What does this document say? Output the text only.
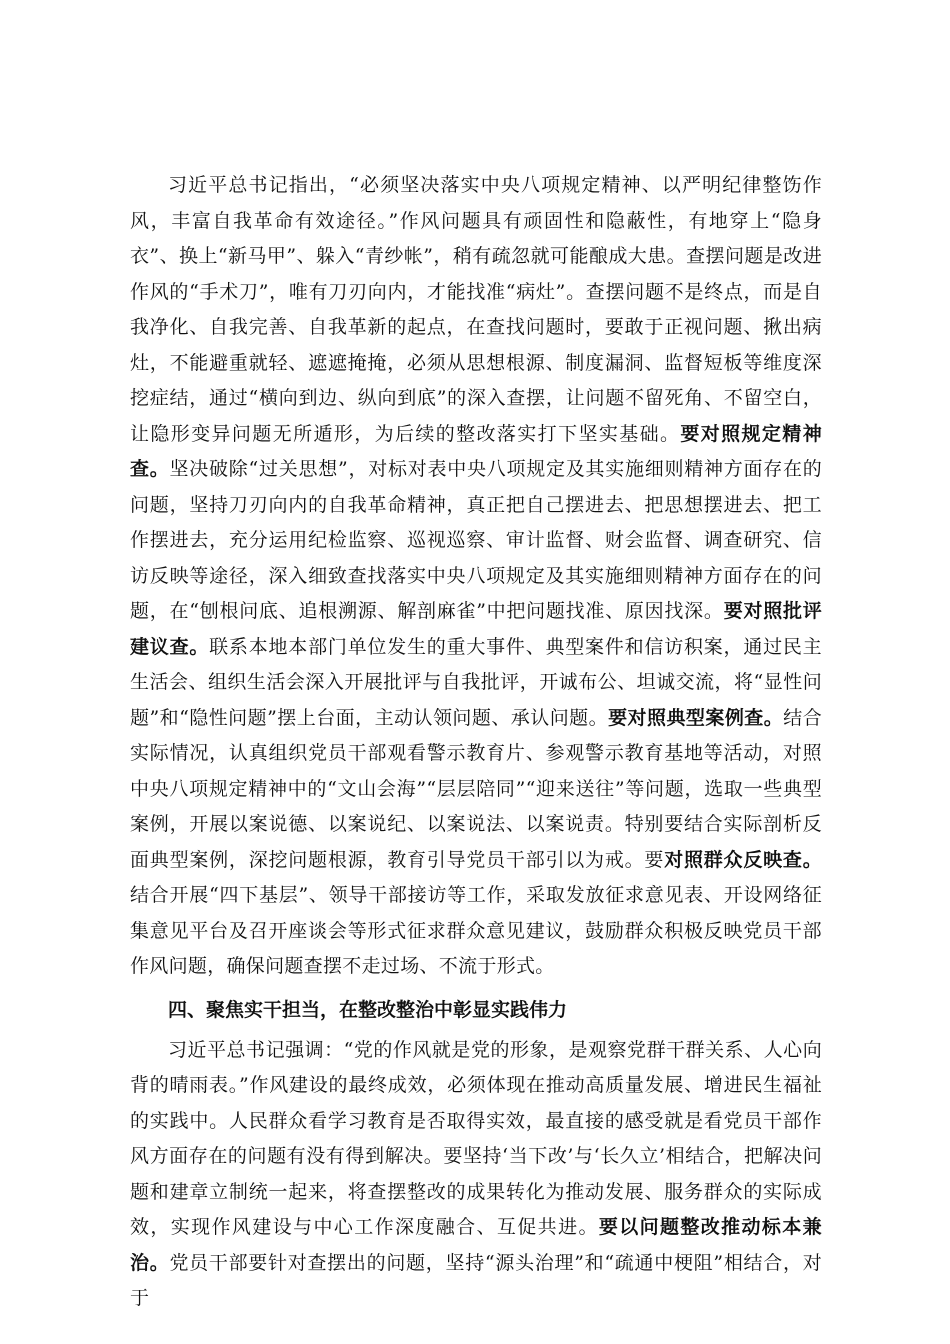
习近平总书记指出，“必须坚决落实中央八项规定精神、以严明纪律整饬作风，丰富自我革命有效途径。”作风问题具有顽固性和隐蔽性，有地穿上“隐身衣”、换上“新马甲”、躲入“青纱帐”，稍有疏忽就可能酿成大患。查摆问题是改进作风的“手术刀”，唯有刀刃向内，才能找准“病灶”。查摆问题不是终点，而是自我净化、自我完善、自我革新的起点，在查找问题时，要敢于正视问题、揪出病灶，不能避重就轻、遮遮掩掩，必须从思想根源、制度漏洞、监督短板等维度深挖症结，通过“横向到边、纵向到底”的深入查摆，让问题不留死角、不留空白，让隐形变异问题无所遁形，为后续的整改落实打下坚实基础。要对照规定精神查。坚决破除“过关思想”，对标对表中央八项规定及其实施细则精神方面存在的问题，坚持刀刃向内的自我革命精神，真正把自己摆进去、把思想摆进去、把工作摆进去，充分运用纪检监察、巡视巡察、审计监督、财会监督、调查研究、信访反映等途径，深入细致查找落实中央八项规定及其实施细则精神方面存在的问题，在“刨根问底、追根溯源、解剖麻雀”中把问题找准、原因找深。要对照批评建议查。联系本地本部门单位发生的重大事件、典型案件和信访积案，通过民主生活会、组织生活会深入开展批评与自我批评，开诚布公、坦诚交流，将“显性问题”和“隐性问题”摆上台面，主动认领问题、承认问题。要对照典型案例查。结合实际情况，认真组织党员干部观看警示教育片、参观警示教育基地等活动，对照中央八项规定精神中的“文山会海”“层层陪同”“迎来送往”等问题，选取一些典型案例，开展以案说德、以案说纪、以案说法、以案说责。特别要结合实际剖析反面典型案例，深挖问题根源，教育引导党员干部引以为戒。要对照群众反映查。结合开展“四下基层”、领导干部接访等工作，采取发放征求意见表、开设网络征集意见平台及召开座谈会等形式征求群众意见建议，鼓励群众积极反映党员干部作风问题，确保问题查摆不走过场、不流于形式。

四、聚焦实干担当，在整改整治中彰显实践伟力

习近平总书记强调：“党的作风就是党的形象，是观察党群干群关系、人心向背的晴雨表。”作风建设的最终成效，必须体现在推动高质量发展、增进民生福祉的实践中。人民群众看学习教育是否取得实效，最直接的感受就是看党员干部作风方面存在的问题有没有得到解决。要坚持‘当下改’与‘长久立’相结合，把解决问题和建章立制统一起来，将查摆整改的成果转化为推动发展、服务群众的实际成效，实现作风建设与中心工作深度融合、互促共进。要以问题整改推动标本兼治。党员干部要针对查摆出的问题，坚持“源头治理”和“疏通中梗阻”相结合，对于
